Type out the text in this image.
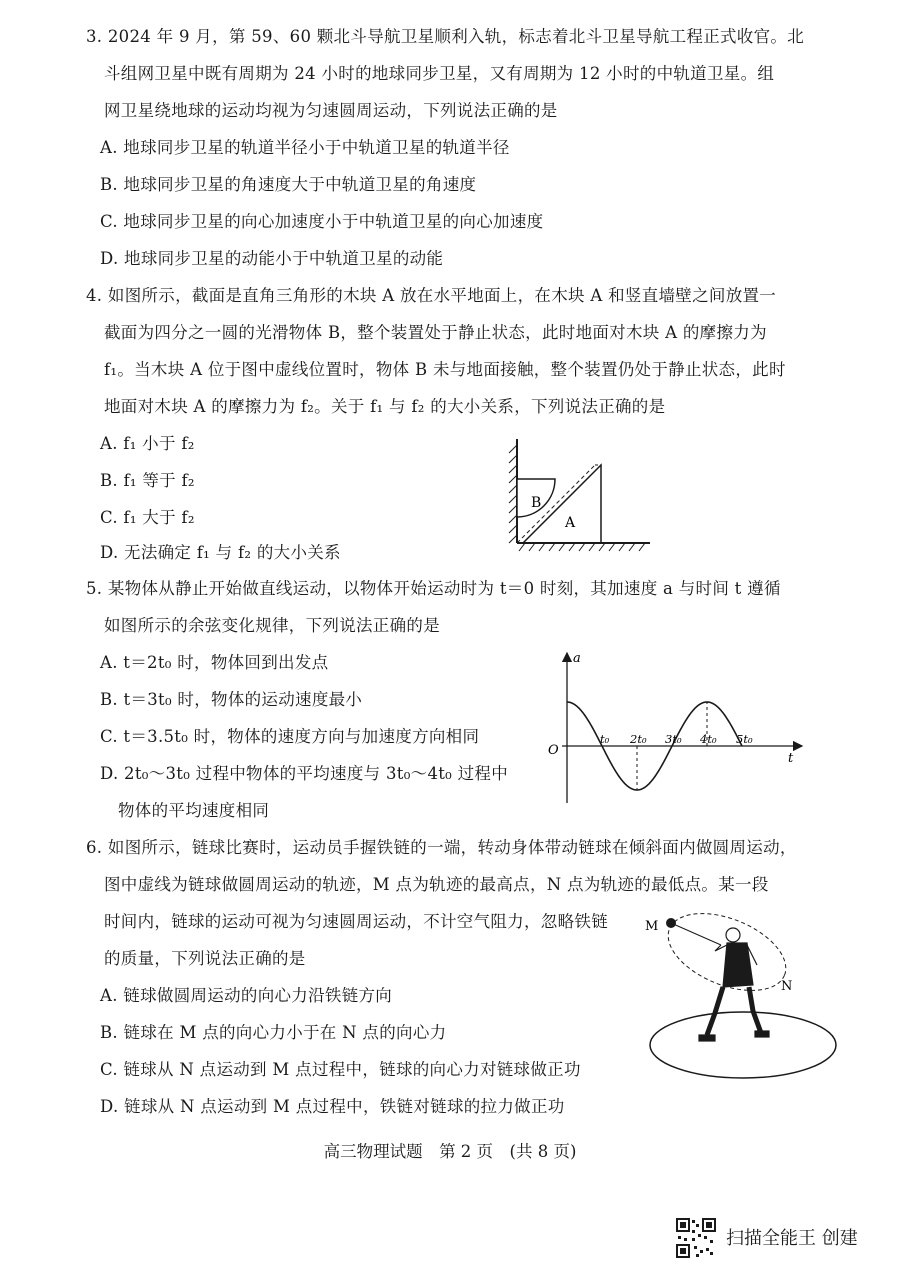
3. 2024 年 9 月，第 59、60 颗北斗导航卫星顺利入轨，标志着北斗卫星导航工程正式收官。北
斗组网卫星中既有周期为 24 小时的地球同步卫星，又有周期为 12 小时的中轨道卫星。组
网卫星绕地球的运动均视为匀速圆周运动，下列说法正确的是
A. 地球同步卫星的轨道半径小于中轨道卫星的轨道半径
B. 地球同步卫星的角速度大于中轨道卫星的角速度
C. 地球同步卫星的向心加速度小于中轨道卫星的向心加速度
D. 地球同步卫星的动能小于中轨道卫星的动能
4. 如图所示，截面是直角三角形的木块 A 放在水平地面上，在木块 A 和竖直墙壁之间放置一
截面为四分之一圆的光滑物体 B，整个装置处于静止状态，此时地面对木块 A 的摩擦力为
f₁。当木块 A 位于图中虚线位置时，物体 B 未与地面接触，整个装置仍处于静止状态，此时
地面对木块 A 的摩擦力为 f₂。关于 f₁ 与 f₂ 的大小关系，下列说法正确的是
A. f₁ 小于 f₂
B. f₁ 等于 f₂
C. f₁ 大于 f₂
D. 无法确定 f₁ 与 f₂ 的大小关系
B
A
5. 某物体从静止开始做直线运动，以物体开始运动时为 t＝0 时刻，其加速度 a 与时间 t 遵循
如图所示的余弦变化规律，下列说法正确的是
A. t＝2t₀ 时，物体回到出发点
B. t＝3t₀ 时，物体的运动速度最小
C. t＝3.5t₀ 时，物体的速度方向与加速度方向相同
D. 2t₀～3t₀ 过程中物体的平均速度与 3t₀～4t₀ 过程中
物体的平均速度相同
a
t
O
t₀ 2t₀ 3t₀ 4t₀ 5t₀
6. 如图所示，链球比赛时，运动员手握铁链的一端，转动身体带动链球在倾斜面内做圆周运动，
图中虚线为链球做圆周运动的轨迹，M 点为轨迹的最高点，N 点为轨迹的最低点。某一段
时间内，链球的运动可视为匀速圆周运动，不计空气阻力，忽略铁链
的质量，下列说法正确的是
A. 链球做圆周运动的向心力沿铁链方向
B. 链球在 M 点的向心力小于在 N 点的向心力
C. 链球从 N 点运动到 M 点过程中，链球的向心力对链球做正功
D. 链球从 N 点运动到 M 点过程中，铁链对链球的拉力做正功
M
N
高三物理试题　第 2 页　(共 8 页)
扫描全能王 创建
